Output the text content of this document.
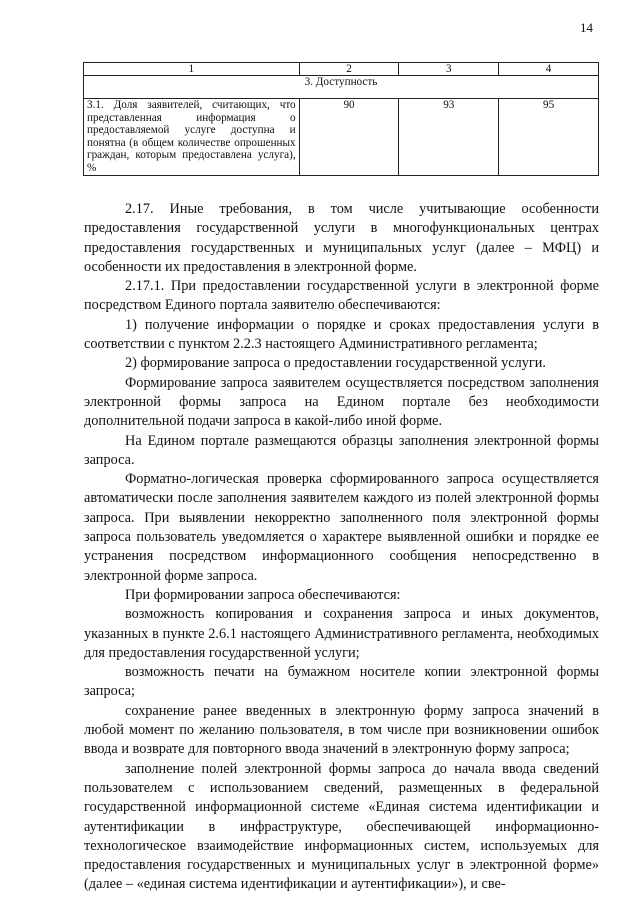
14
1	2	3	4
3. Доступность			
3.1. Доля заявителей, считающих, что представленная информация о предоставляемой услуге доступна и понятна (в общем количестве опрошенных граждан, которым предоставлена услуга), %	90	93	95

2.17. Иные требования, в том числе учитывающие особенности предоставления государственной услуги в многофункциональных центрах предоставления государственных и муниципальных услуг (далее – МФЦ) и особенности их предоставления в электронной форме.

2.17.1. При предоставлении государственной услуги в электронной форме посредством Единого портала заявителю обеспечиваются:

1) получение информации о порядке и сроках предоставления услуги в соответствии с пунктом 2.2.3 настоящего Административного регламента;

2) формирование запроса о предоставлении государственной услуги.

Формирование запроса заявителем осуществляется посредством заполнения электронной формы запроса на Едином портале без необходимости дополнительной подачи запроса в какой-либо иной форме.

На Едином портале размещаются образцы заполнения электронной формы запроса.

Форматно-логическая проверка сформированного запроса осуществляется автоматически после заполнения заявителем каждого из полей электронной формы запроса. При выявлении некорректно заполненного поля электронной формы запроса пользователь уведомляется о характере выявленной ошибки и порядке ее устранения посредством информационного сообщения непосредственно в электронной форме запроса.

При формировании запроса обеспечиваются:

возможность копирования и сохранения запроса и иных документов, указанных в пункте 2.6.1 настоящего Административного регламента, необходимых для предоставления государственной услуги;

возможность печати на бумажном носителе копии электронной формы запроса;

сохранение ранее введенных в электронную форму запроса значений в любой момент по желанию пользователя, в том числе при возникновении ошибок ввода и возврате для повторного ввода значений в электронную форму запроса;

заполнение полей электронной формы запроса до начала ввода сведений пользователем с использованием сведений, размещенных в федеральной государственной информационной системе «Единая система идентификации и аутентификации в инфраструктуре, обеспечивающей информационно-технологическое взаимодействие информационных систем, используемых для предоставления государственных и муниципальных услуг в электронной форме» (далее – «единая система идентификации и аутентификации»), и све-
